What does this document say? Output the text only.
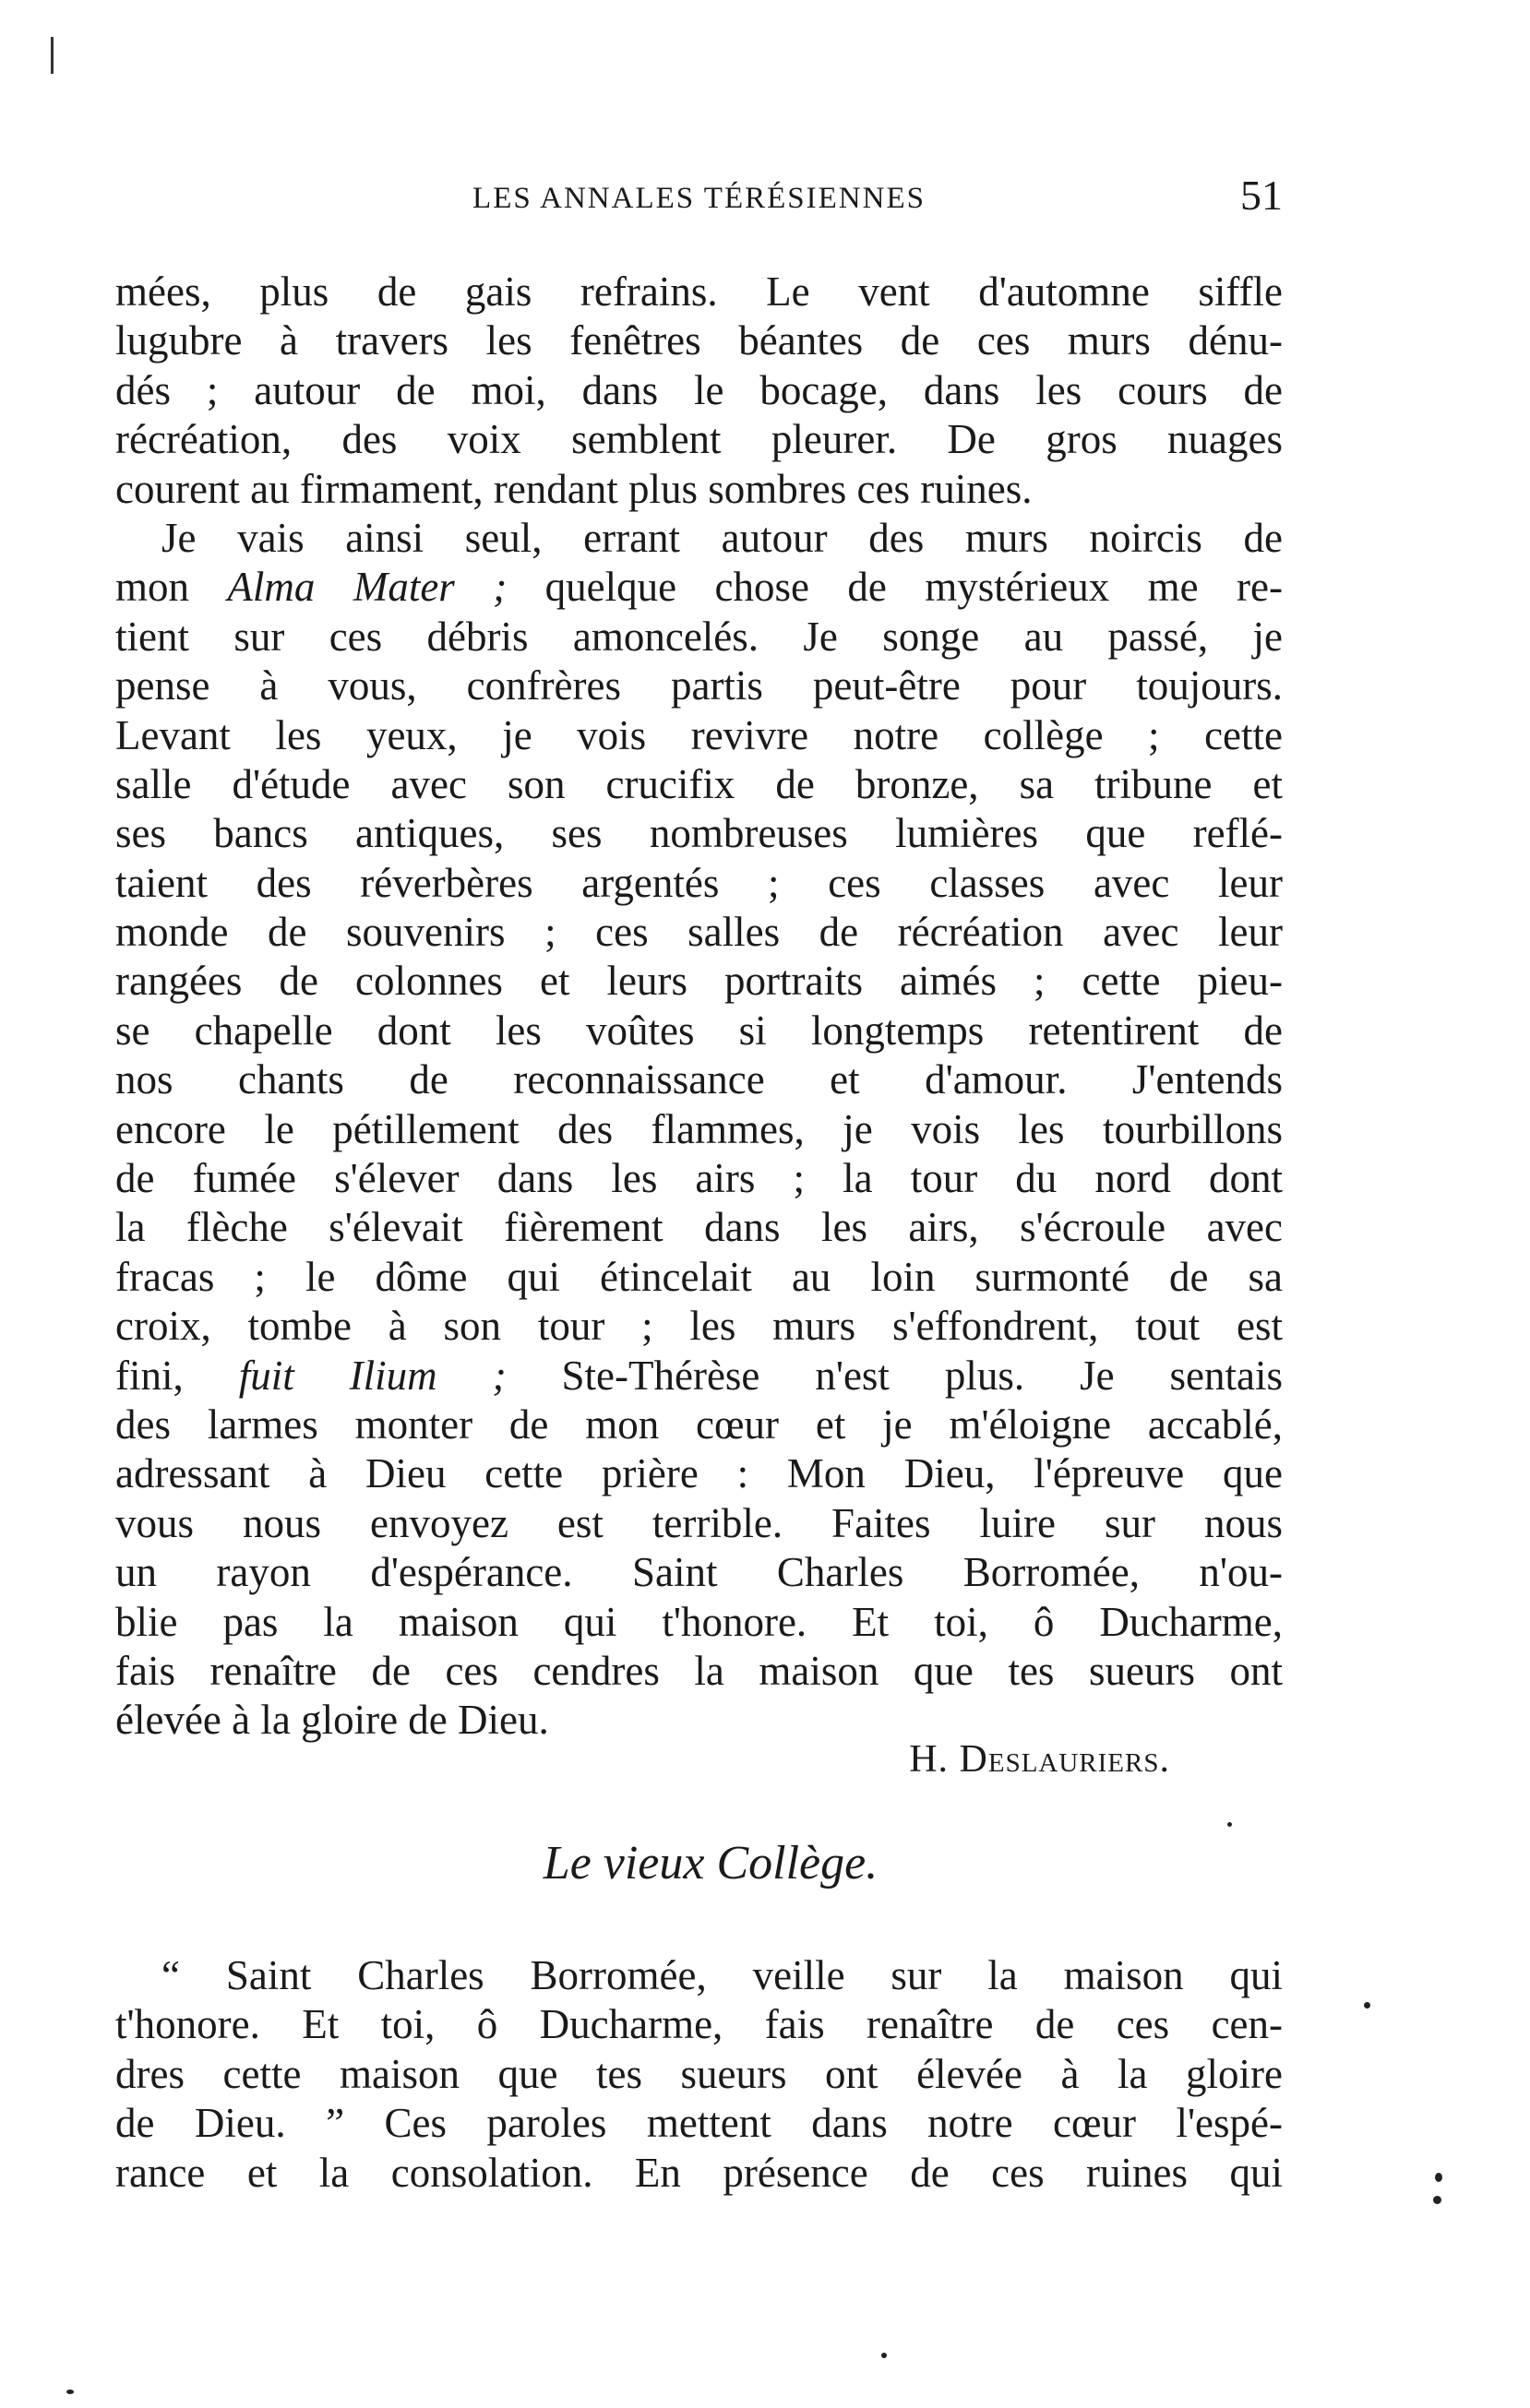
LES ANNALES TÉRÉSIENNES	51
mées, plus de gais refrains. Le vent d'automne siffle
lugubre à travers les fenêtres béantes de ces murs dénu-
dés ; autour de moi, dans le bocage, dans les cours de
récréation, des voix semblent pleurer. De gros nuages
courent au firmament, rendant plus sombres ces ruines.
Je vais ainsi seul, errant autour des murs noircis de
mon Alma Mater ; quelque chose de mystérieux me re-
tient sur ces débris amoncelés. Je songe au passé, je
pense à vous, confrères partis peut-être pour toujours.
Levant les yeux, je vois revivre notre collège ; cette
salle d'étude avec son crucifix de bronze, sa tribune et
ses bancs antiques, ses nombreuses lumières que reflé-
taient des réverbères argentés ; ces classes avec leur
monde de souvenirs ; ces salles de récréation avec leur
rangées de colonnes et leurs portraits aimés ; cette pieu-
se chapelle dont les voûtes si longtemps retentirent de
nos chants de reconnaissance et d'amour. J'entends
encore le pétillement des flammes, je vois les tourbillons
de fumée s'élever dans les airs ; la tour du nord dont
la flèche s'élevait fièrement dans les airs, s'écroule avec
fracas ; le dôme qui étincelait au loin surmonté de sa
croix, tombe à son tour ; les murs s'effondrent, tout est
fini, fuit Ilium ; Ste-Thérèse n'est plus. Je sentais
des larmes monter de mon cœur et je m'éloigne accablé,
adressant à Dieu cette prière : Mon Dieu, l'épreuve que
vous nous envoyez est terrible. Faites luire sur nous
un rayon d'espérance. Saint Charles Borromée, n'ou-
blie pas la maison qui t'honore. Et toi, ô Ducharme,
fais renaître de ces cendres la maison que tes sueurs ont
élevée à la gloire de Dieu.
H. Deslauriers.
Le vieux Collège.
“ Saint Charles Borromée, veille sur la maison qui
t'honore. Et toi, ô Ducharme, fais renaître de ces cen-
dres cette maison que tes sueurs ont élevée à la gloire
de Dieu. ” Ces paroles mettent dans notre cœur l'espé-
rance et la consolation. En présence de ces ruines qui
